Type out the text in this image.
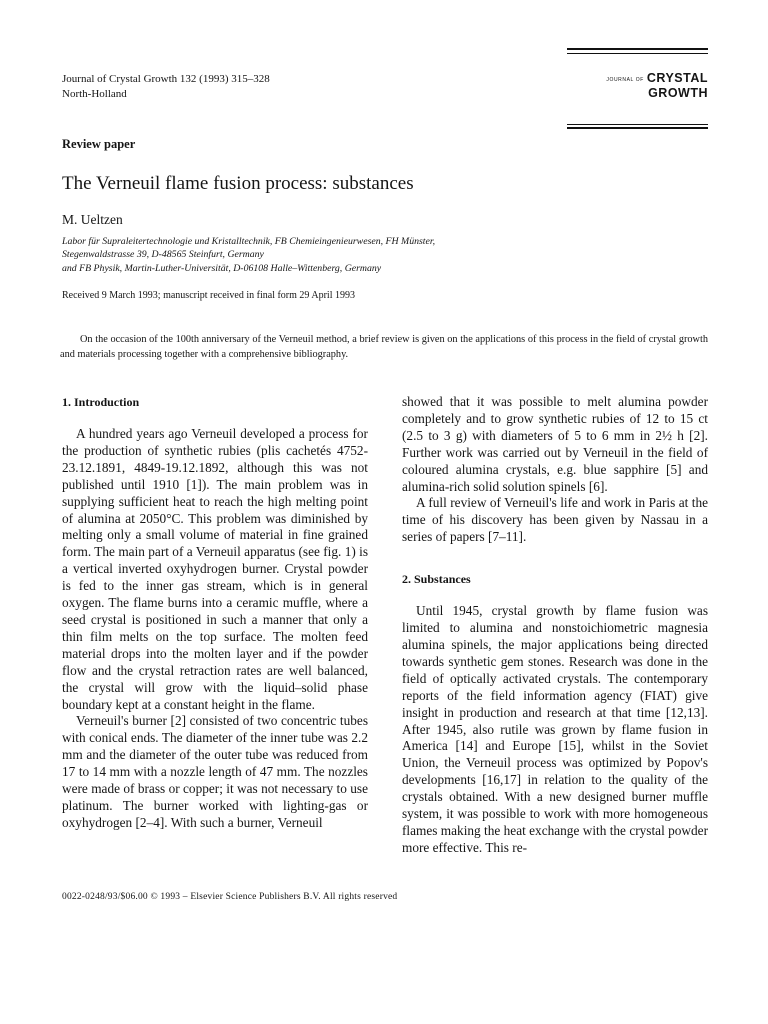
Journal of Crystal Growth 132 (1993) 315–328
North-Holland
JOURNAL OF CRYSTAL
GROWTH
Review paper
The Verneuil flame fusion process: substances
M. Ueltzen
Labor für Supraleitertechnologie und Kristalltechnik, FB Chemieingenieurwesen, FH Münster,
Stegenwaldstrasse 39, D-48565 Steinfurt, Germany
and FB Physik, Martin-Luther-Universität, D-06108 Halle–Wittenberg, Germany
Received 9 March 1993; manuscript received in final form 29 April 1993

On the occasion of the 100th anniversary of the Verneuil method, a brief review is given on the applications of this process in the field of crystal growth and materials processing together with a comprehensive bibliography.

1. Introduction

A hundred years ago Verneuil developed a process for the production of synthetic rubies (plis cachetés 4752-23.12.1891, 4849-19.12.1892, although this was not published until 1910 [1]). The main problem was in supplying sufficient heat to reach the high melting point of alumina at 2050°C. This problem was diminished by melting only a small volume of material in fine grained form. The main part of a Verneuil apparatus (see fig. 1) is a vertical inverted oxyhydrogen burner. Crystal powder is fed to the inner gas stream, which is in general oxygen. The flame burns into a ceramic muffle, where a seed crystal is positioned in such a manner that only a thin film melts on the top surface. The molten feed material drops into the molten layer and if the powder flow and the crystal retraction rates are well balanced, the crystal will grow with the liquid–solid phase boundary kept at a constant height in the flame.

Verneuil's burner [2] consisted of two concentric tubes with conical ends. The diameter of the inner tube was 2.2 mm and the diameter of the outer tube was reduced from 17 to 14 mm with a nozzle length of 47 mm. The nozzles were made of brass or copper; it was not necessary to use platinum. The burner worked with lighting-gas or oxyhydrogen [2–4]. With such a burner, Verneuil

showed that it was possible to melt alumina powder completely and to grow synthetic rubies of 12 to 15 ct (2.5 to 3 g) with diameters of 5 to 6 mm in 2½ h [2]. Further work was carried out by Verneuil in the field of coloured alumina crystals, e.g. blue sapphire [5] and alumina-rich solid solution spinels [6].

A full review of Verneuil's life and work in Paris at the time of his discovery has been given by Nassau in a series of papers [7–11].

2. Substances

Until 1945, crystal growth by flame fusion was limited to alumina and nonstoichiometric magnesia alumina spinels, the major applications being directed towards synthetic gem stones. Research was done in the field of optically activated crystals. The contemporary reports of the field information agency (FIAT) give insight in production and research at that time [12,13]. After 1945, also rutile was grown by flame fusion in America [14] and Europe [15], whilst in the Soviet Union, the Verneuil process was optimized by Popov's developments [16,17] in relation to the quality of the crystals obtained. With a new designed burner muffle system, it was possible to work with more homogeneous flames making the heat exchange with the crystal powder more effective. This re-

0022-0248/93/$06.00 © 1993 – Elsevier Science Publishers B.V. All rights reserved
